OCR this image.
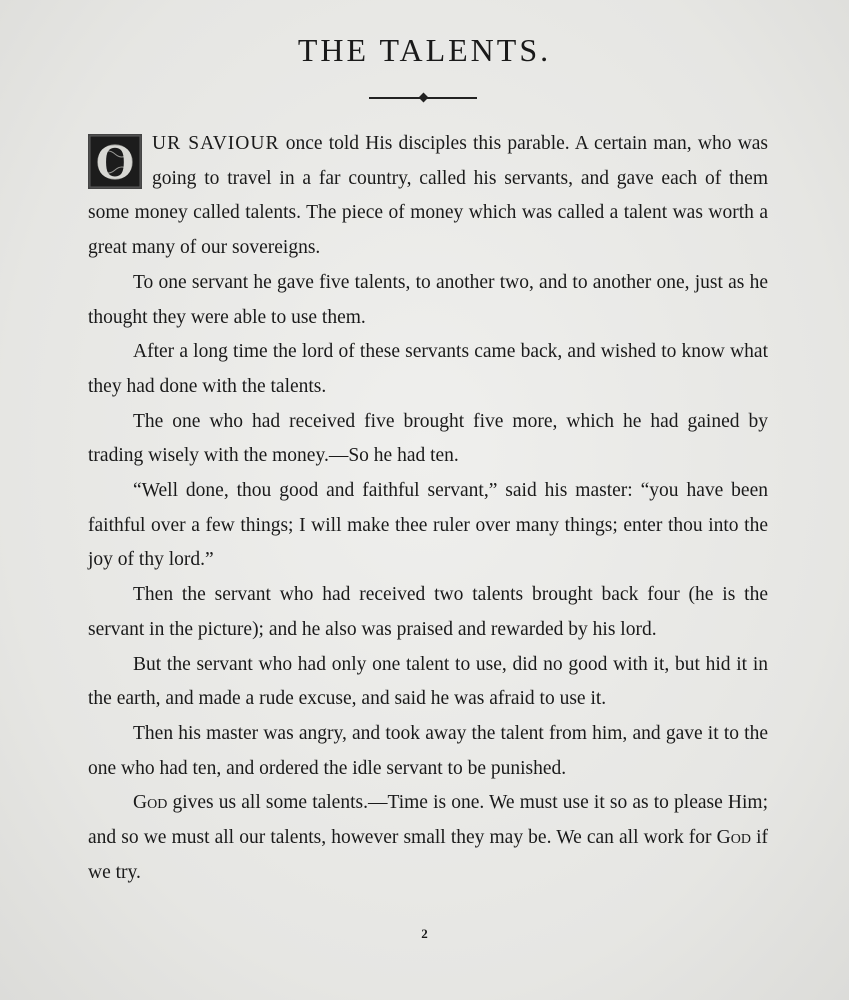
THE TALENTS.

O UR SAVIOUR once told His disciples this parable. A certain man, who was going to travel in a far country, called his servants, and gave each of them some money called talents. The piece of money which was called a talent was worth a great many of our sovereigns.

To one servant he gave five talents, to another two, and to another one, just as he thought they were able to use them.

After a long time the lord of these servants came back, and wished to know what they had done with the talents.

The one who had received five brought five more, which he had gained by trading wisely with the money.—So he had ten.

“Well done, thou good and faithful servant,” said his master: “you have been faithful over a few things; I will make thee ruler over many things; enter thou into the joy of thy lord.”

Then the servant who had received two talents brought back four (he is the servant in the picture); and he also was praised and rewarded by his lord.

But the servant who had only one talent to use, did no good with it, but hid it in the earth, and made a rude excuse, and said he was afraid to use it.

Then his master was angry, and took away the talent from him, and gave it to the one who had ten, and ordered the idle servant to be punished.

God gives us all some talents.—Time is one. We must use it so as to please Him; and so we must all our talents, however small they may be. We can all work for God if we try.

2
